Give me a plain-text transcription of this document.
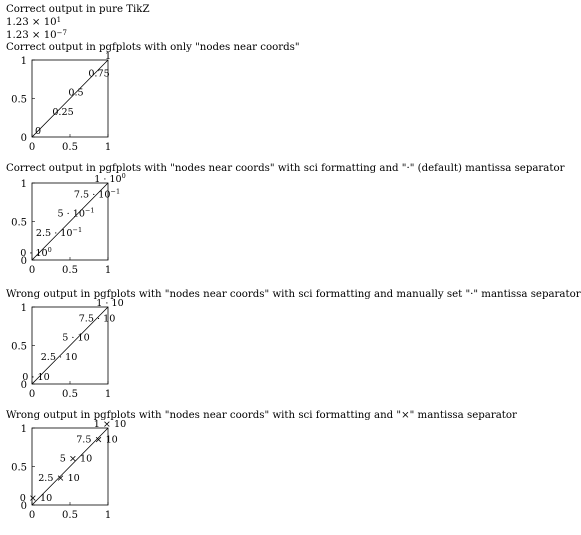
Correct output in pure TikZ
$1.23 \times 10^1$
$1.23 \times 10^{-7}$
Correct output in pgfplots with only "nodes near coords"
0
0
0.5
0.5
1
1
0
0.25
0.5
0.75
1
Correct output in pgfplots with "nodes near coords" with sci formatting and "·" (default) mantissa separator
0
0
0.5
0.5
1
1
$0 \cdot 10^0$
$2.5 \cdot 10^{-1}$
$5 \cdot 10^{-1}$
$7.5 \cdot 10^{-1}$
$1 \cdot 10^0$
Wrong output in pgfplots with "nodes near coords" with sci formatting and manually set "·" mantissa separator
0
0
0.5
0.5
1
1
0 · 10
2.5 · 10
5 · 10
7.5 · 10
1 · 10
Wrong output in pgfplots with "nodes near coords" with sci formatting and "×" mantissa separator
0
0
0.5
0.5
1
1
0 × 10
2.5 × 10
5 × 10
7.5 × 10
1 × 10
